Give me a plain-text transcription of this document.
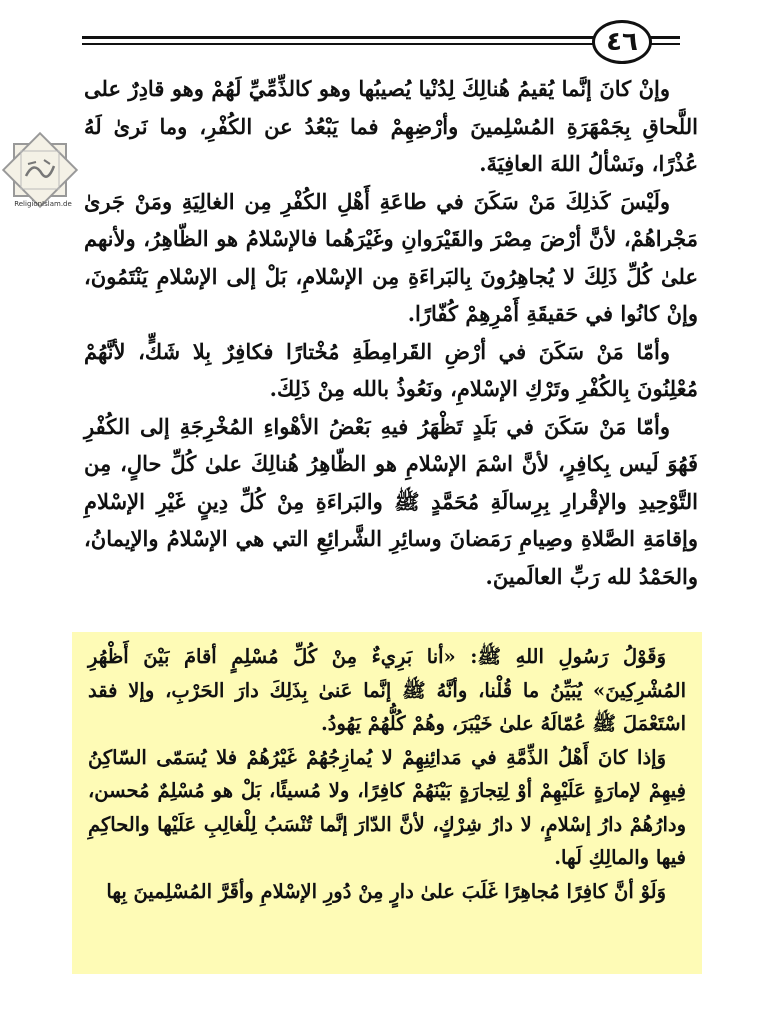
٤٦
ReligionIslam.de

وإنْ كانَ إنَّما يُقيمُ هُنالِكَ لِدُنْيا يُصيبُها وهو كالذِّمِّيِّ لَهُمْ وهو قادِرٌ على اللَّحاقِ بِجَمْهَرَةِ المُسْلِمينَ وأرْضِهِمْ فما يَبْعُدُ عن الكُفْرِ، وما نَرىٰ لَهُ عُذْرًا، ونَسْألُ اللهَ العافِيَةَ.

ولَيْسَ كَذلِكَ مَنْ سَكَنَ في طاعَةِ أَهْلِ الكُفْرِ مِن الغالِيَةِ ومَنْ جَرىٰ مَجْراهُمْ، لأنَّ أرْضَ مِصْرَ والقَيْرَوانِ وغَيْرَهُما فالإسْلامُ هو الظّاهِرُ، ولأنهم علىٰ كُلِّ ذَلِكَ لا يُجاهِرُونَ بِالبَراءَةِ مِن الإسْلامِ، بَلْ إلى الإسْلامِ يَنْتَمُونَ، وإنْ كانُوا في حَقيقَةِ أَمْرِهِمْ كُفّارًا.

وأمّا مَنْ سَكَنَ في أرْضِ القَرامِطَةِ مُخْتارًا فكافِرٌ بِلا شَكٍّ، لأنَّهُمْ مُعْلِنُونَ بِالكُفْرِ وتَرْكِ الإسْلامِ، ونَعُوذُ بالله مِنْ ذَلِكَ.

وأمّا مَنْ سَكَنَ في بَلَدٍ تَظْهَرُ فيهِ بَعْضُ الأهْواءِ المُخْرِجَةِ إلى الكُفْرِ فَهُوَ لَيس بِكافِرٍ، لأنَّ اسْمَ الإسْلامِ هو الظّاهِرُ هُنالِكَ علىٰ كُلِّ حالٍ، مِن التَّوْحِيدِ والإقْرارِ بِرِسالَةِ مُحَمَّدٍ ﷺ والبَراءَةِ مِنْ كُلِّ دِينٍ غَيْرِ الإسْلامِ وإقامَةِ الصَّلاةِ وصِيامِ رَمَضانَ وسائِرِ الشَّرائِعِ التي هي الإسْلامُ والإيمانُ، والحَمْدُ لله رَبِّ العالَمينَ.

وَقَوْلُ رَسُولِ اللهِ ﷺ: «أنا بَرِيءٌ مِنْ كُلِّ مُسْلِمٍ أقامَ بَيْنَ أَظْهُرِ المُشْرِكِينَ» يُبَيِّنُ ما قُلْنا، وأنَّهُ ﷺ إنَّما عَنىٰ بِذَلِكَ دارَ الحَرْبِ، وإلا فقد اسْتَعْمَلَ ﷺ عُمّالَهُ علىٰ خَيْبَرَ، وهُمْ كُلُّهُمْ يَهُودُ.

وَإذا كانَ أَهْلُ الذِّمَّةِ في مَدائِنِهِمْ لا يُمازِجُهُمْ غَيْرُهُمْ فلا يُسَمّى السّاكِنُ فِيهِمْ لإمارَةٍ عَلَيْهِمْ أوْ لِتِجارَةٍ بَيْنَهُمْ كافِرًا، ولا مُسيئًا، بَلْ هو مُسْلِمٌ مُحسن، ودارُهُمْ دارُ إسْلامٍ، لا دارُ شِرْكٍ، لأنَّ الدّارَ إنَّما تُنْسَبُ لِلْغالِبِ عَلَيْها والحاكِمِ فيها والمالِكِ لَها.

وَلَوْ أنَّ كافِرًا مُجاهِرًا غَلَبَ علىٰ دارٍ مِنْ دُورِ الإسْلامِ وأقَرَّ المُسْلِمينَ بِها
